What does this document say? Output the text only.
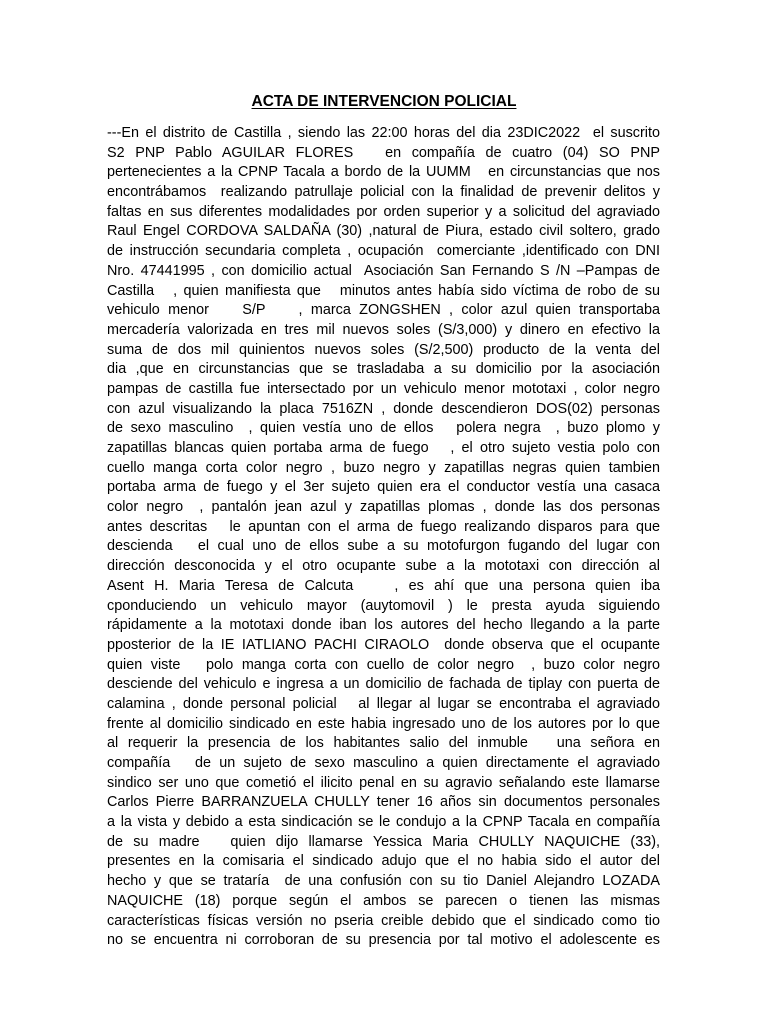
ACTA DE INTERVENCION POLICIAL
---En el distrito de Castilla , siendo las 22:00 horas del dia 23DIC2022  el suscrito
S2 PNP Pablo AGUILAR FLORES   en compañía de cuatro (04) SO PNP
pertenecientes a la CPNP Tacala a bordo de la UUMM   en circunstancias que nos
encontrábamos  realizando patrullaje policial con la finalidad de prevenir delitos y
faltas en sus diferentes modalidades por orden superior y a solicitud del agraviado
Raul Engel CORDOVA SALDAÑA (30) ,natural de Piura, estado civil soltero, grado
de instrucción secundaria completa , ocupación  comerciante ,identificado con DNI
Nro. 47441995 , con domicilio actual  Asociación San Fernando S /N –Pampas de
Castilla   , quien manifiesta que   minutos antes había sido víctima de robo de su
vehiculo menor    S/P    , marca ZONGSHEN , color azul quien transportaba
mercadería valorizada en tres mil nuevos soles (S/3,000) y dinero en efectivo la
suma de dos mil quinientos nuevos soles (S/2,500) producto de la venta del
dia ,que en circunstancias que se trasladaba a su domicilio por la asociación
pampas de castilla fue intersectado por un vehiculo menor mototaxi , color negro
con azul visualizando la placa 7516ZN , donde descendieron DOS(02) personas
de sexo masculino  , quien vestía uno de ellos   polera negra  , buzo plomo y
zapatillas blancas quien portaba arma de fuego   , el otro sujeto vestia polo con
cuello manga corta color negro , buzo negro y zapatillas negras quien tambien
portaba arma de fuego y el 3er sujeto quien era el conductor vestía una casaca
color negro  , pantalón jean azul y zapatillas plomas , donde las dos personas
antes descritas   le apuntan con el arma de fuego realizando disparos para que
descienda   el cual uno de ellos sube a su motofurgon fugando del lugar con
dirección desconocida y el otro ocupante sube a la mototaxi con dirección al
Asent H. Maria Teresa de Calcuta    , es ahí que una persona quien iba
cponduciendo un vehiculo mayor (auytomovil ) le presta ayuda siguiendo
rápidamente a la mototaxi donde iban los autores del hecho llegando a la parte
pposterior de la IE IATLIANO PACHI CIRAOLO  donde observa que el ocupante
quien viste   polo manga corta con cuello de color negro  , buzo color negro
desciende del vehiculo e ingresa a un domicilio de fachada de tiplay con puerta de
calamina , donde personal policial   al llegar al lugar se encontraba el agraviado
frente al domicilio sindicado en este habia ingresado uno de los autores por lo que
al requerir la presencia de los habitantes salio del inmuble   una señora en
compañía   de un sujeto de sexo masculino a quien directamente el agraviado
sindico ser uno que cometió el ilicito penal en su agravio señalando este llamarse
Carlos Pierre BARRANZUELA CHULLY tener 16 años sin documentos personales
a la vista y debido a esta sindicación se le condujo a la CPNP Tacala en compañía
de su madre   quien dijo llamarse Yessica Maria CHULLY NAQUICHE (33),
presentes en la comisaria el sindicado adujo que el no habia sido el autor del
hecho y que se trataría  de una confusión con su tio Daniel Alejandro LOZADA
NAQUICHE (18) porque según el ambos se parecen o tienen las mismas
características físicas versión no pseria creible debido que el sindicado como tio
no se encuentra ni corroboran de su presencia por tal motivo el adolescente es
